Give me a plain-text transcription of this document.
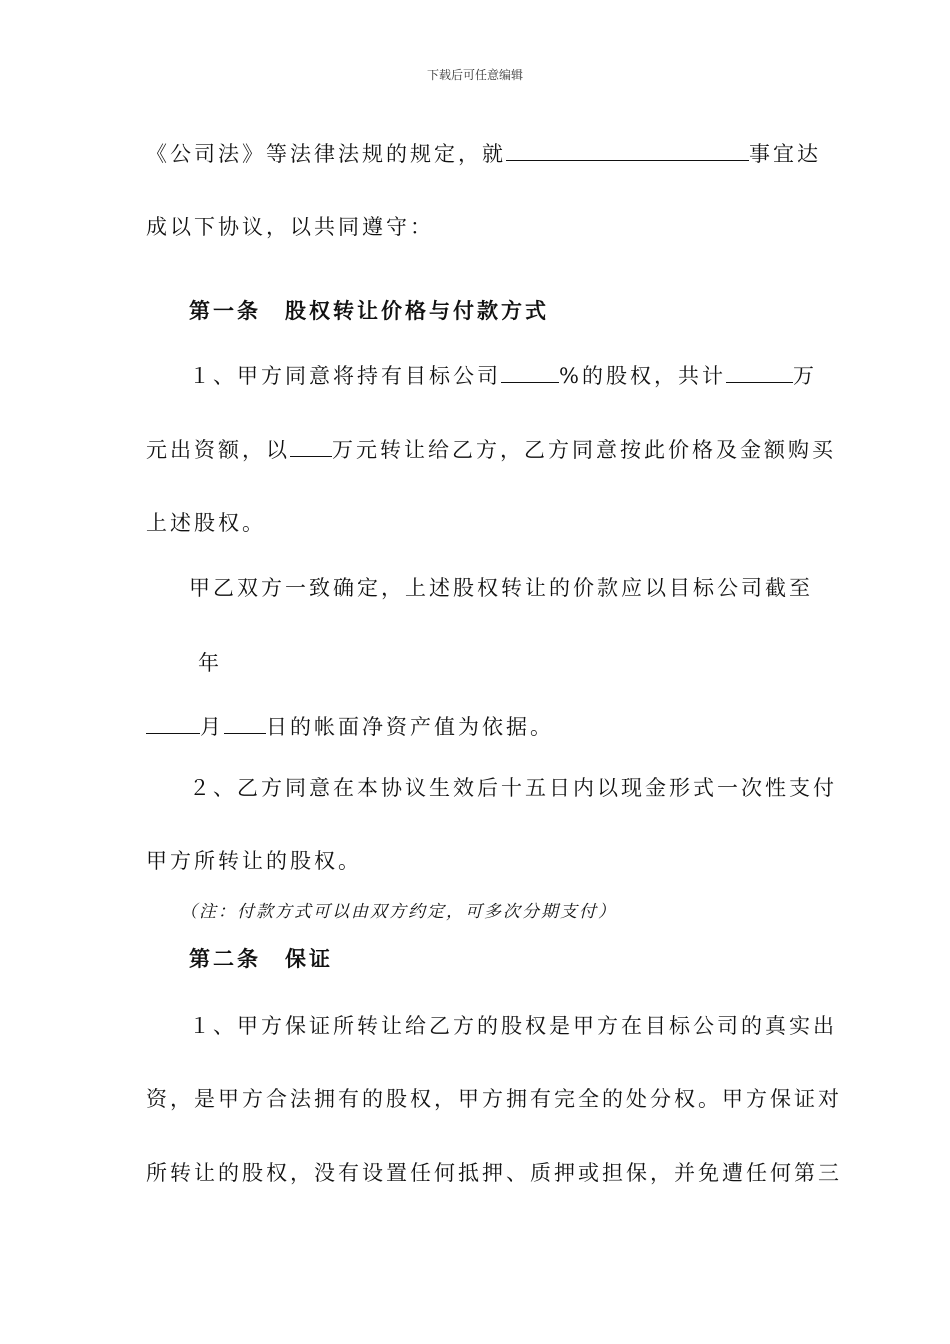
下载后可任意编辑
《公司法》等法律法规的规定，就	事宜达
成以下协议，以共同遵守：
第一条　股权转让价格与付款方式
１、甲方同意将持有目标公司	%的股权，共计	万
元出资额，以 万元转让给乙方，乙方同意按此价格及金额购买
上述股权。
甲乙双方一致确定，上述股权转让的价款应以目标公司截至
年
月 日的帐面净资产值为依据。
２、乙方同意在本协议生效后十五日内以现金形式一次性支付
甲方所转让的股权。
（注：付款方式可以由双方约定，可多次分期支付）
第二条　保证
１、甲方保证所转让给乙方的股权是甲方在目标公司的真实出
资，是甲方合法拥有的股权，甲方拥有完全的处分权。甲方保证对
所转让的股权，没有设置任何抵押、质押或担保，并免遭任何第三
